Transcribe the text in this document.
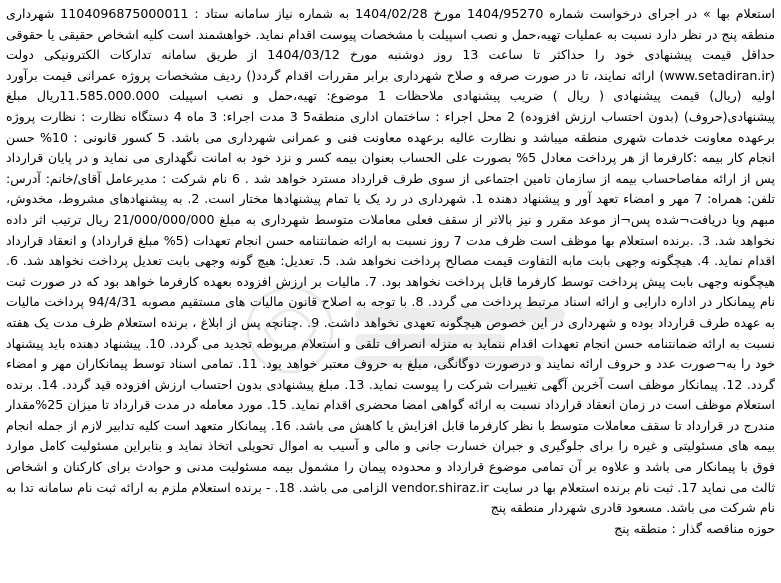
استعلام بها » در اجرای درخواست شماره 1404/95270 مورخ 1404/02/28 به شماره نیاز سامانه ستاد : 1104096875000011 شهرداری منطقه پنج در نظر دارد نسبت به عملیات تهیه،حمل و نصب اسپیلت با مشخصات پیوست اقدام نماید. خواهشمند است کلیه اشخاص حقیقی یا حقوقی‌ حداقل قیمت پیشنهادی خود را حداکثر تا ساعت 13 روز دوشنبه مورخ 1404/03/12 از طریق سامانه تدارکات الکترونیکی دولت (www.setadiran.ir) ارائه نمایند، تا در صورت صرفه و صلاح شهرداری برابر مقررات اقدام گردد() ردیف مشخصات پروژه عمرانی قیمت برآورد اولیه (ریال) قیمت پیشنهادی ( ریال ) ضریب پیشنهادی ملاحظات 1 موضوع: تهیه،حمل و نصب اسپیلت 11.585.000.000ریال مبلغ پیشنهادی(حروف) (بدون احتساب ارزش افزوده) 2 محل اجراء : ساختمان اداری منطقه5 3 مدت اجراء: 3 ماه 4 دستگاه نظارت : نظارت پروژه برعهده معاونت خدمات شهری منطقه میباشد و نظارت عالیه برعهده معاونت فنی و عمرانی شهرداری می باشد. 5 کسور قانونی : 10% حسن انجام کار بیمه :کارفرما از هر پرداخت معادل 5% بصورت علی الحساب بعنوان بیمه کسر و نزد خود به امانت نگهداری می نماید و در پایان قرارداد پس از ارائه مفاصاحساب بیمه از سازمان تامین اجتماعی از سوی طرف قرارداد مسترد خواهد شد . 6 نام شرکت : مدیرعامل آقای/خانم: آدرس: تلفن: همراه: 7 مهر و امضاء تعهد آور و پیشنهاد دهنده 1. شهرداری در رد یک یا تمام پیشنهادها مختار است. 2. به پیشنهادهای مشروط، مخدوش، مبهم ویا دریافت¬شده پس¬از موعد مقرر و نیز بالاتر از سقف فعلی معاملات متوسط شهرداری به مبلغ 21/000/000/000 ریال ترتیب اثر داده نخواهد شد. 3. .برنده استعلام بها موظف است ظرف مدت 7 روز نسبت به ارائه ضمانتنامه حسن انجام تعهدات (5% مبلغ قرارداد) و انعقاد قرارداد اقدام نماید. 4. هیچگونه وجهی بابت مابه التفاوت قیمت مصالح پرداخت نخواهد شد. 5. تعدیل: هیچ گونه وجهی بابت تعدیل پرداخت نخواهد شد. 6. هیچگونه وجهی بابت پیش پرداخت توسط کارفرما قابل پرداخت نخواهد بود. 7. مالیات بر ارزش افزوده بعهده کارفرما خواهد بود که در صورت ثبت نام پیمانکار در اداره دارایی و ارائه اسناد مرتبط پرداخت می گردد. 8. با توجه به اصلاح قانون مالیات های مستقیم مصوبه 94/4/31 پرداخت مالیات به عهده طرف قرارداد بوده و شهرداری در این خصوص هیچگونه تعهدی نخواهد داشت. 9. .چنانچه پس از ابلاغ ، برنده استعلام ظرف مدت یک هفته نسبت به ارائه ضمانتنامه حسن انجام تعهدات اقدام ننماید به منزله انصراف تلقی و استعلام مربوطه تجدید می گردد. 10. پیشنهاد دهنده باید پیشنهاد خود را به¬صورت عدد و حروف ارائه نمایند و درصورت دوگانگی، مبلغ به حروف معتبر خواهد بود. 11. تمامی اسناد توسط پیمانکاران مهر و امضاء گردد. 12. پیمانکار موظف است آخرین آگهی تغییرات شرکت را پیوست نماید. 13. مبلغ پیشنهادی بدون احتساب ارزش افزوده قید گردد. 14. برنده استعلام موظف است در زمان انعقاد قرارداد نسبت به ارائه گواهی امضا محضری اقدام نماید. 15. مورد معامله در مدت قرارداد تا میزان 25%مقدار مندرج در قرارداد تا سقف معاملات متوسط با نظر کارفرما قابل افزایش یا کاهش می باشد. 16. پیمانکار متعهد است کلیه تدابیر لازم از جمله انجام بیمه های مسئولیتی و غیره را برای جلوگیری و جبران خسارت جانی و مالی و آسیب به اموال تحویلی اتخاذ نماید و بنابراین مسئولیت کامل موارد فوق با پیمانکار می باشد و علاوه بر آن تمامی موضوع قرارداد و محدوده پیمان را مشمول بیمه مسئولیت مدنی و حوادث برای کارکنان و اشخاص ثالث می نماید 17. ثبت نام برنده استعلام بها در سایت vendor.shiraz.ir الزامی می باشد. 18. - برنده استعلام ملزم به ارائه ثبت نام سامانه تدا به نام شرکت می باشد. مسعود قادری شهردار منطقه پنج

حوزه مناقصه گذار : منطقه پنج
